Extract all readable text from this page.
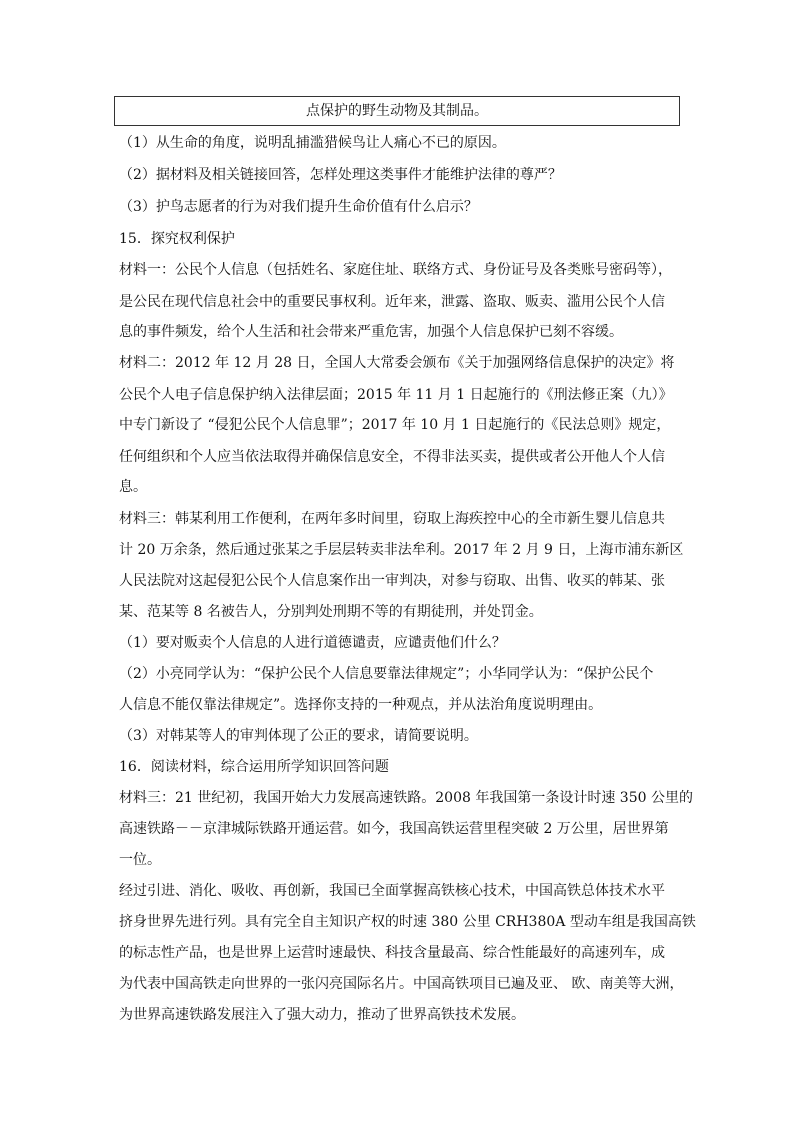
点保护的野生动物及其制品。

（1）从生命的角度，说明乱捕滥猎候鸟让人痛心不已的原因。

（2）据材料及相关链接回答，怎样处理这类事件才能维护法律的尊严？

（3）护鸟志愿者的行为对我们提升生命价值有什么启示？

15．探究权利保护

材料一：公民个人信息（包括姓名、家庭住址、联络方式、身份证号及各类账号密码等），

是公民在现代信息社会中的重要民事权利。近年来，泄露、盗取、贩卖、滥用公民个人信

息的事件频发，给个人生活和社会带来严重危害，加强个人信息保护已刻不容缓。

材料二：2012 年 12 月 28 日，全国人大常委会颁布《关于加强网络信息保护的决定》将

公民个人电子信息保护纳入法律层面；2015 年 11 月 1 日起施行的《刑法修正案（九）》

中专门新设了 “侵犯公民个人信息罪”；2017 年 10 月 1 日起施行的《民法总则》规定，

任何组织和个人应当依法取得并确保信息安全，不得非法买卖，提供或者公开他人个人信

息。

材料三：韩某利用工作便利，在两年多时间里，窃取上海疾控中心的全市新生婴儿信息共

计 20 万余条，然后通过张某之手层层转卖非法牟利。2017 年 2 月 9 日，上海市浦东新区

人民法院对这起侵犯公民个人信息案作出一审判决，对参与窃取、出售、收买的韩某、张

某、范某等 8 名被告人，分别判处刑期不等的有期徒刑，并处罚金。

（1）要对贩卖个人信息的人进行道德谴责，应谴责他们什么？

（2）小亮同学认为：“保护公民个人信息要靠法律规定”；小华同学认为：“保护公民个

人信息不能仅靠法律规定”。选择你支持的一种观点，并从法治角度说明理由。

（3）对韩某等人的审判体现了公正的要求，请简要说明。

16．阅读材料，综合运用所学知识回答问题

材料三：21 世纪初，我国开始大力发展高速铁路。2008 年我国第一条设计时速 350 公里的

高速铁路－－京津城际铁路开通运营。如今，我国高铁运营里程突破 2 万公里，居世界第

一位。

经过引进、消化、吸收、再创新，我国已全面掌握高铁核心技术，中国高铁总体技术水平

挤身世界先进行列。具有完全自主知识产权的时速 380 公里 CRH380A 型动车组是我国高铁

的标志性产品，也是世界上运营时速最快、科技含量最高、综合性能最好的高速列车，成

为代表中国高铁走向世界的一张闪亮国际名片。中国高铁项目已遍及亚、 欧、南美等大洲，

为世界高速铁路发展注入了强大动力，推动了世界高铁技术发展。
